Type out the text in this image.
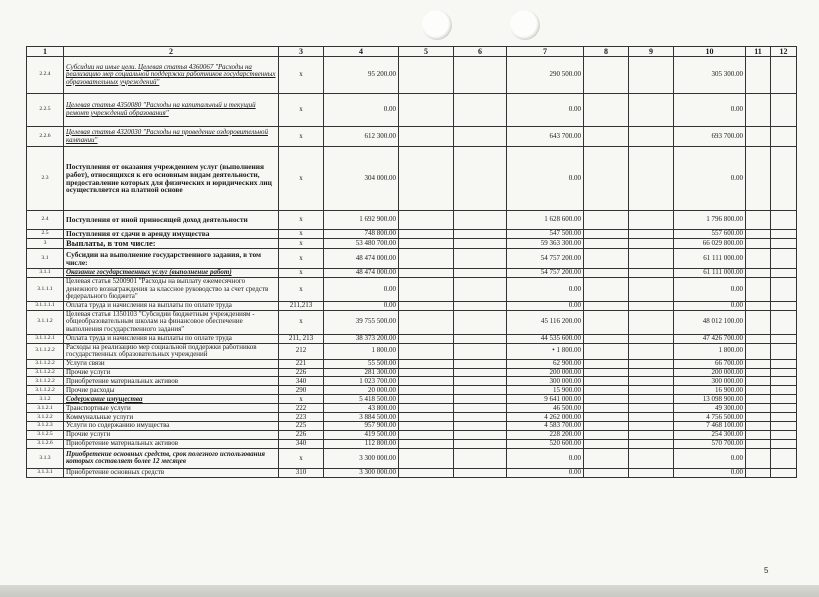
1	2	3	4	5	6	7	8	9	10	11	12
2.2.4	Субсидии на иные цели. Целевая статья 4360067 "Расходы на реализацию мер социальной поддержки работников государственных образовательных учреждений"	x	95 200.00			290 500.00			305 300.00		
2.2.5	Целевая статья 4350080 "Расходы на капитальный и текущий ремонт учреждений образования"	x	0.00			0.00			0.00		
2.2.6	Целевая статья 4320030 "Расходы на проведение оздоровительной кампании"	x	612 300.00			643 700.00			693 700.00		
2.3	Поступления от оказания учреждением услуг (выполнения работ), относящихся к его основным видам деятельности, предоставление которых для физических и юридических лиц осуществляется на платной основе	x	304 000.00			0.00			0.00		
2.4	Поступления от иной приносящей доход деятельности	x	1 692 900.00			1 628 600.00			1 796 800.00		
2.5	Поступления от сдачи в аренду имущества	x	748 800.00			547 500.00			557 600.00		
3	Выплаты, в том числе:	x	53 480 700.00			59 363 300.00			66 029 800.00		
3.1	Субсидии на выполнение государственного задания, в том числе:	x	48 474 000.00			54 757 200.00			61 111 000.00		
3.1.1	Оказание государственных услуг (выполнение работ)	x	48 474 000.00			54 757 200.00			61 111 000.00		
3.1.1.1	Целевая статья 5200901 "Расходы на выплату ежемесячного денежного вознаграждения за классное руководство за счет средств федерального бюджета"	x	0.00			0.00			0.00		
3.1.1.1.1	Оплата труда и начисления на выплаты по оплате труда	211,213	0.00			0.00			0.00		
3.1.1.2	Целевая статья 1350103 "Субсидии бюджетным учреждениям - общеобразовательным школам на финансовое обеспечение выполнения государственного задания"	x	39 755 500.00			45 116 200.00			48 012 100.00		
3.1.1.2.1	Оплата труда и начисления на выплаты по оплате труда	211, 213	38 373 200.00			44 535 600.00			47 426 700.00		
3.1.1.2.2	Расходы на реализацию мер социальной поддержки работников государственных образовательных учреждений	212	1 800.00			• 1 800.00			1 800.00		
3.1.1.2.2	Услуги связи	221	55 500.00			62 900.00			66 700.00		
3.1.1.2.2	Прочие услуги	226	281 300.00			200 000.00			200 000.00		
3.1.1.2.2	Приобретение материальных активов	340	1 023 700.00			300 000.00			300 000.00		
3.1.1.2.2	Прочие расходы	290	20 000.00			15 900.00			16 900.00		
3.1.2	Содержание имущества	x	5 418 500.00			9 641 000.00			13 098 900.00		
3.1.2.1	Транспортные услуги	222	43 800.00			46 500.00			49 300.00		
3.1.2.2	Коммунальные услуги	223	3 884 500.00			4 262 000.00			4 756 500.00		
3.1.2.3	Услуги по содержанию имущества	225	957 900.00			4 583 700.00			7 468 100.00		
3.1.2.5	Прочие услуги	226	419 500.00			228 200.00			254 300.00		
3.1.2.6	Приобретение материальных активов	340	112 800.00			520 600.00			570 700.00		
3.1.3	Приобретение основных средств, срок полезного использования которых составляет более 12 месяцев	x	3 300 000.00			0.00			0.00		
3.1.3.1	Приобретение основных средств	310	3 300 000.00			0.00			0.00		
5
